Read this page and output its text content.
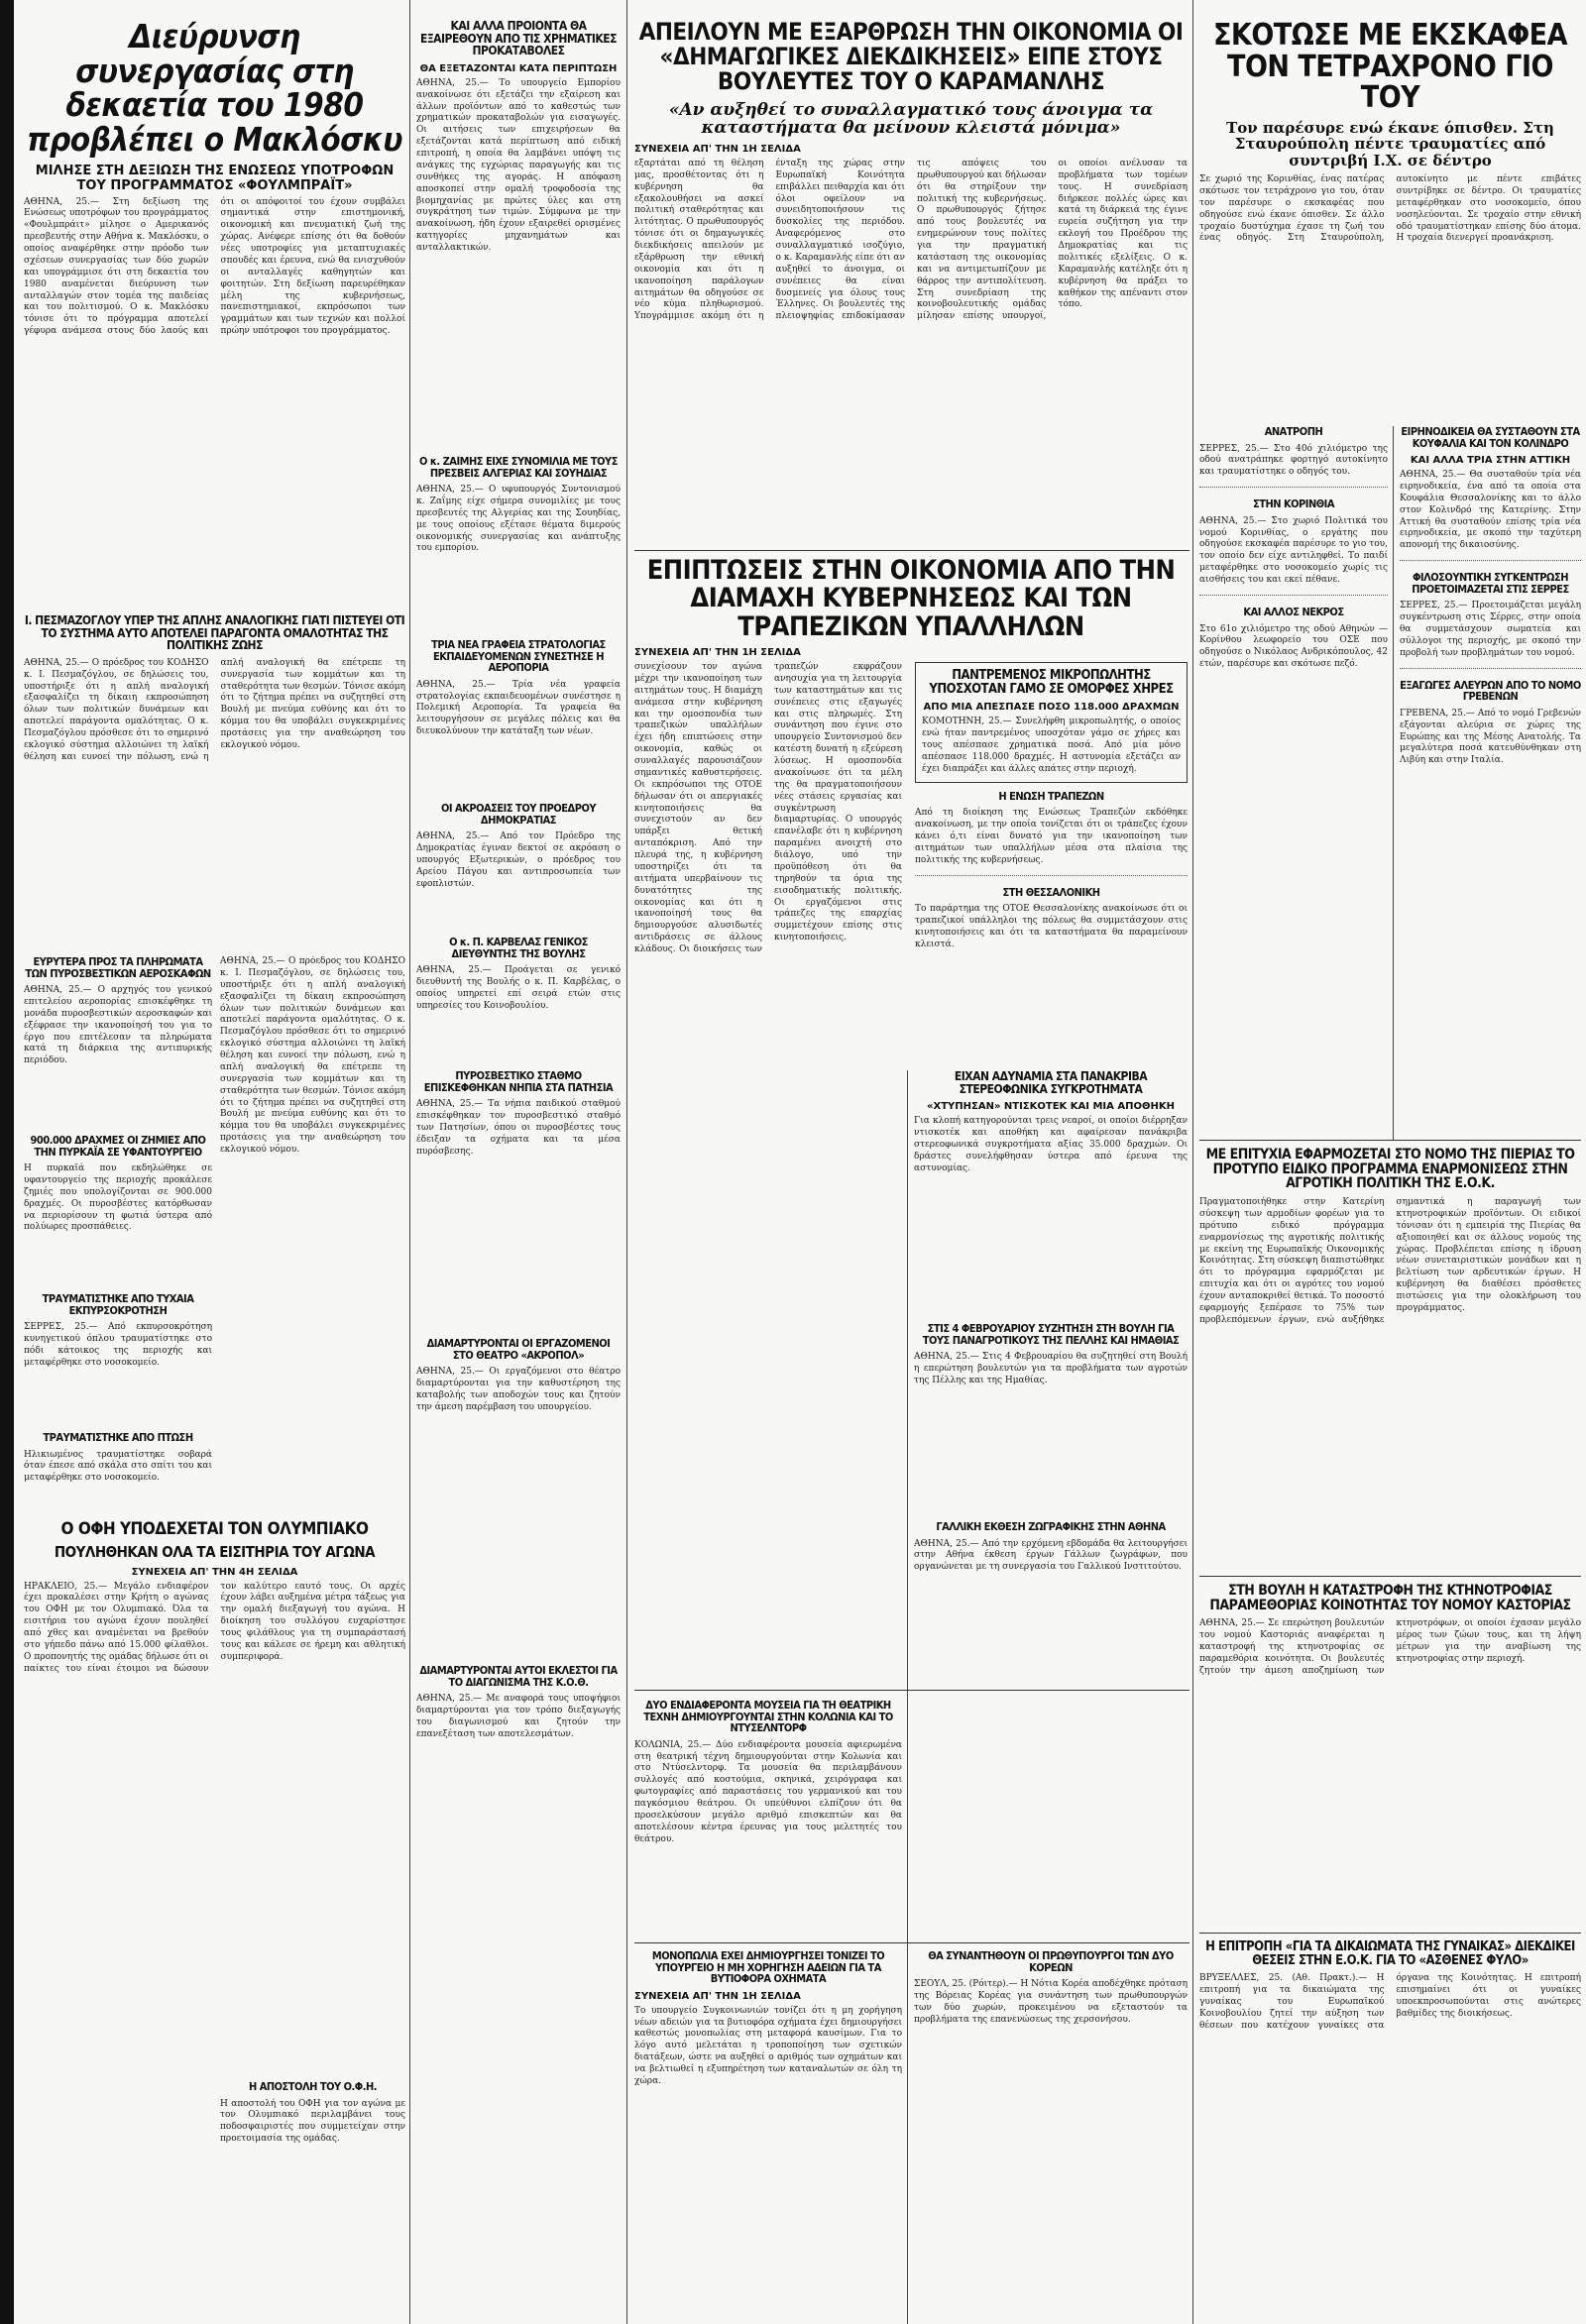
Διεύρυνση συνεργασίας στη δεκαετία του 1980 προβλέπει ο Μακλόσκυ
ΜΙΛΗΣΕ ΣΤΗ ΔΕΞΙΩΣΗ ΤΗΣ ΕΝΩΣΕΩΣ ΥΠΟΤΡΟΦΩΝ ΤΟΥ ΠΡΟΓΡΑΜΜΑΤΟΣ «ΦΟΥΛΜΠΡΑΪΤ»

ΑΘΗΝΑ, 25.— Στη δεξίωση της Ενώσεως υποτρόφων του προγράμματος «Φουλμπράιτ» μίλησε ο Αμερικανός πρεσβευτής στην Αθήνα κ. Μακλόσκυ, ο οποίος αναφέρθηκε στην πρόοδο των σχέσεων συνεργασίας των δύο χωρών και υπογράμμισε ότι στη δεκαετία του 1980 αναμένεται διεύρυνση των ανταλλαγών στον τομέα της παιδείας και του πολιτισμού. Ο κ. Μακλόσκυ τόνισε ότι το πρόγραμμα αποτελεί γέφυρα ανάμεσα στους δύο λαούς και ότι οι απόφοιτοί του έχουν συμβάλει σημαντικά στην επιστημονική, οικονομική και πνευματική ζωή της χώρας. Ανέφερε επίσης ότι θα δοθούν νέες υποτροφίες για μεταπτυχιακές σπουδές και έρευνα, ενώ θα ενισχυθούν οι ανταλλαγές καθηγητών και φοιτητών. Στη δεξίωση παρευρέθηκαν μέλη της κυβερνήσεως, πανεπιστημιακοί, εκπρόσωποι των γραμμάτων και των τεχνών και πολλοί πρώην υπότροφοι του προγράμματος.

Ι. ΠΕΣΜΑΖΟΓΛΟΥ ΥΠΕΡ ΤΗΣ ΑΠΛΗΣ ΑΝΑΛΟΓΙΚΗΣ ΓΙΑΤΙ ΠΙΣΤΕΥΕΙ ΟΤΙ ΤΟ ΣΥΣΤΗΜΑ ΑΥΤΟ ΑΠΟΤΕΛΕΙ ΠΑΡΑΓΟΝΤΑ ΟΜΑΛΟΤΗΤΑΣ ΤΗΣ ΠΟΛΙΤΙΚΗΣ ΖΩΗΣ

ΑΘΗΝΑ, 25.— Ο πρόεδρος του ΚΟΔΗΣΟ κ. Ι. Πεσμαζόγλου, σε δηλώσεις του, υποστήριξε ότι η απλή αναλογική εξασφαλίζει τη δίκαιη εκπροσώπηση όλων των πολιτικών δυνάμεων και αποτελεί παράγοντα ομαλότητας. Ο κ. Πεσμαζόγλου πρόσθεσε ότι το σημερινό εκλογικό σύστημα αλλοιώνει τη λαϊκή θέληση και ευνοεί την πόλωση, ενώ η απλή αναλογική θα επέτρεπε τη συνεργασία των κομμάτων και τη σταθερότητα των θεσμών. Τόνισε ακόμη ότι το ζήτημα πρέπει να συζητηθεί στη Βουλή με πνεύμα ευθύνης και ότι το κόμμα του θα υποβάλει συγκεκριμένες προτάσεις για την αναθεώρηση του εκλογικού νόμου.

ΕΥΡΥΤΕΡΑ ΠΡΟΣ ΤΑ ΠΛΗΡΩΜΑΤΑ ΤΩΝ ΠΥΡΟΣΒΕΣΤΙΚΩΝ ΑΕΡΟΣΚΑΦΩΝ

ΑΘΗΝΑ, 25.— Ο αρχηγός του γενικού επιτελείου αεροπορίας επισκέφθηκε τη μονάδα πυροσβεστικών αεροσκαφών και εξέφρασε την ικανοποίησή του για το έργο που επιτέλεσαν τα πληρώματα κατά τη διάρκεια της αντιπυρικής περιόδου.

900.000 ΔΡΑΧΜΕΣ ΟΙ ΖΗΜΙΕΣ ΑΠΟ ΤΗΝ ΠΥΡΚΑΪΑ ΣΕ ΥΦΑΝΤΟΥΡΓΕΙΟ

Η πυρκαϊά που εκδηλώθηκε σε υφαντουργείο της περιοχής προκάλεσε ζημιές που υπολογίζονται σε 900.000 δραχμές. Οι πυροσβέστες κατόρθωσαν να περιορίσουν τη φωτιά ύστερα από πολύωρες προσπάθειες.

ΤΡΑΥΜΑΤΙΣΤΗΚΕ ΑΠΟ ΤΥΧΑΙΑ ΕΚΠΥΡΣΟΚΡΟΤΗΣΗ

ΣΕΡΡΕΣ, 25.— Από εκπυρσοκρότηση κυνηγετικού όπλου τραυματίστηκε στο πόδι κάτοικος της περιοχής και μεταφέρθηκε στο νοσοκομείο.

ΤΡΑΥΜΑΤΙΣΤΗΚΕ ΑΠΟ ΠΤΩΣΗ

Ηλικιωμένος τραυματίστηκε σοβαρά όταν έπεσε από σκάλα στο σπίτι του και μεταφέρθηκε στο νοσοκομείο.

ΑΘΗΝΑ, 25.— Ο πρόεδρος του ΚΟΔΗΣΟ κ. Ι. Πεσμαζόγλου, σε δηλώσεις του, υποστήριξε ότι η απλή αναλογική εξασφαλίζει τη δίκαιη εκπροσώπηση όλων των πολιτικών δυνάμεων και αποτελεί παράγοντα ομαλότητας. Ο κ. Πεσμαζόγλου πρόσθεσε ότι το σημερινό εκλογικό σύστημα αλλοιώνει τη λαϊκή θέληση και ευνοεί την πόλωση, ενώ η απλή αναλογική θα επέτρεπε τη συνεργασία των κομμάτων και τη σταθερότητα των θεσμών. Τόνισε ακόμη ότι το ζήτημα πρέπει να συζητηθεί στη Βουλή με πνεύμα ευθύνης και ότι το κόμμα του θα υποβάλει συγκεκριμένες προτάσεις για την αναθεώρηση του εκλογικού νόμου.

Ο ΟΦΗ ΥΠΟΔΕΧΕΤΑΙ ΤΟΝ ΟΛΥΜΠΙΑΚΟ
ΠΟΥΛΗΘΗΚΑΝ ΟΛΑ ΤΑ ΕΙΣΙΤΗΡΙΑ ΤΟΥ ΑΓΩΝΑ
ΣΥΝΕΧΕΙΑ ΑΠ' ΤΗΝ 4Η ΣΕΛΙΔΑ

ΗΡΑΚΛΕΙΟ, 25.— Μεγάλο ενδιαφέρον έχει προκαλέσει στην Κρήτη ο αγώνας του ΟΦΗ με τον Ολυμπιακό. Όλα τα εισιτήρια του αγώνα έχουν πουληθεί από χθες και αναμένεται να βρεθούν στο γήπεδο πάνω από 15.000 φίλαθλοι. Ο προπονητής της ομάδας δήλωσε ότι οι παίκτες του είναι έτοιμοι να δώσουν τον καλύτερο εαυτό τους. Οι αρχές έχουν λάβει αυξημένα μέτρα τάξεως για την ομαλή διεξαγωγή του αγώνα. Η διοίκηση του συλλόγου ευχαρίστησε τους φιλάθλους για τη συμπαράστασή τους και κάλεσε σε ήρεμη και αθλητική συμπεριφορά.

Η ΑΠΟΣΤΟΛΗ ΤΟΥ Ο.Φ.Η.

Η αποστολή του ΟΦΗ για τον αγώνα με τον Ολυμπιακό περιλαμβάνει τους ποδοσφαιριστές που συμμετείχαν στην προετοιμασία της ομάδας.

ΚΑΙ ΑΛΛΑ ΠΡΟΪΟΝΤΑ ΘΑ ΕΞΑΙΡΕΘΟΥΝ ΑΠΟ ΤΙΣ ΧΡΗΜΑΤΙΚΕΣ ΠΡΟΚΑΤΑΒΟΛΕΣ
ΘΑ ΕΞΕΤΑΖΟΝΤΑΙ ΚΑΤΑ ΠΕΡΙΠΤΩΣΗ

ΑΘΗΝΑ, 25.— Το υπουργείο Εμπορίου ανακοίνωσε ότι εξετάζει την εξαίρεση και άλλων προϊόντων από το καθεστώς των χρηματικών προκαταβολών για εισαγωγές. Οι αιτήσεις των επιχειρήσεων θα εξετάζονται κατά περίπτωση από ειδική επιτροπή, η οποία θα λαμβάνει υπόψη τις ανάγκες της εγχώριας παραγωγής και τις συνθήκες της αγοράς. Η απόφαση αποσκοπεί στην ομαλή τροφοδοσία της βιομηχανίας με πρώτες ύλες και στη συγκράτηση των τιμών. Σύμφωνα με την ανακοίνωση, ήδη έχουν εξαιρεθεί ορισμένες κατηγορίες μηχανημάτων και ανταλλακτικών.

Ο κ. ΖΑΪΜΗΣ ΕΙΧΕ ΣΥΝΟΜΙΛΙΑ ΜΕ ΤΟΥΣ ΠΡΕΣΒΕΙΣ ΑΛΓΕΡΙΑΣ ΚΑΙ ΣΟΥΗΔΙΑΣ

ΑΘΗΝΑ, 25.— Ο υφυπουργός Συντονισμού κ. Ζαΐμης είχε σήμερα συνομιλίες με τους πρεσβευτές της Αλγερίας και της Σουηδίας, με τους οποίους εξέτασε θέματα διμερούς οικονομικής συνεργασίας και ανάπτυξης του εμπορίου.

ΤΡΙΑ ΝΕΑ ΓΡΑΦΕΙΑ ΣΤΡΑΤΟΛΟΓΙΑΣ ΕΚΠΑΙΔΕΥΟΜΕΝΩΝ ΣΥΝΕΣΤΗΣΕ Η ΑΕΡΟΠΟΡΙΑ

ΑΘΗΝΑ, 25.— Τρία νέα γραφεία στρατολογίας εκπαιδευομένων συνέστησε η Πολεμική Αεροπορία. Τα γραφεία θα λειτουργήσουν σε μεγάλες πόλεις και θα διευκολύνουν την κατάταξη των νέων.

ΟΙ ΑΚΡΟΑΣΕΙΣ ΤΟΥ ΠΡΟΕΔΡΟΥ ΔΗΜΟΚΡΑΤΙΑΣ

ΑΘΗΝΑ, 25.— Από τον Πρόεδρο της Δημοκρατίας έγιναν δεκτοί σε ακρόαση ο υπουργός Εξωτερικών, ο πρόεδρος του Αρείου Πάγου και αντιπροσωπεία των εφοπλιστών.

Ο κ. Π. ΚΑΡΒΕΛΑΣ ΓΕΝΙΚΟΣ ΔΙΕΥΘΥΝΤΗΣ ΤΗΣ ΒΟΥΛΗΣ

ΑΘΗΝΑ, 25.— Προάγεται σε γενικό διευθυντή της Βουλής ο κ. Π. Καρβέλας, ο οποίος υπηρετεί επί σειρά ετών στις υπηρεσίες του Κοινοβουλίου.

ΠΥΡΟΣΒΕΣΤΙΚΟ ΣΤΑΘΜΟ ΕΠΙΣΚΕΦΘΗΚΑΝ ΝΗΠΙΑ ΣΤΑ ΠΑΤΗΣΙΑ

ΑΘΗΝΑ, 25.— Τα νήπια παιδικού σταθμού επισκέφθηκαν τον πυροσβεστικό σταθμό των Πατησίων, όπου οι πυροσβέστες τους έδειξαν τα οχήματα και τα μέσα πυρόσβεσης.

ΔΙΑΜΑΡΤΥΡΟΝΤΑΙ ΟΙ ΕΡΓΑΖΟΜΕΝΟΙ ΣΤΟ ΘΕΑΤΡΟ «ΑΚΡΟΠΟΛ»

ΑΘΗΝΑ, 25.— Οι εργαζόμενοι στο θέατρο διαμαρτύρονται για την καθυστέρηση της καταβολής των αποδοχών τους και ζητούν την άμεση παρέμβαση του υπουργείου.

ΔΙΑΜΑΡΤΥΡΟΝΤΑΙ ΑΥΤΟΙ ΕΚΛΕΣΤΟΙ ΓΙΑ ΤΟ ΔΙΑΓΩΝΙΣΜΑ ΤΗΣ Κ.Ο.Θ.

ΑΘΗΝΑ, 25.— Με αναφορά τους υποψήφιοι διαμαρτύρονται για τον τρόπο διεξαγωγής του διαγωνισμού και ζητούν την επανεξέταση των αποτελεσμάτων.

ΑΠΕΙΛΟΥΝ ΜΕ ΕΞΑΡΘΡΩΣΗ ΤΗΝ ΟΙΚΟΝΟΜΙΑ ΟΙ «ΔΗΜΑΓΩΓΙΚΕΣ ΔΙΕΚΔΙΚΗΣΕΙΣ» ΕΙΠΕ ΣΤΟΥΣ ΒΟΥΛΕΥΤΕΣ ΤΟΥ Ο ΚΑΡΑΜΑΝΛΗΣ
«Αν αυξηθεί το συναλλαγματικό τους άνοιγμα τα καταστήματα θα μείνουν κλειστά μόνιμα»
ΣΥΝΕΧΕΙΑ ΑΠ' ΤΗΝ 1Η ΣΕΛΙΔΑ

εξαρτάται από τη θέληση μας, προσθέτοντας ότι η κυβέρνηση θα εξακολουθήσει να ασκεί πολιτική σταθερότητας και λιτότητας. Ο πρωθυπουργός τόνισε ότι οι δημαγωγικές διεκδικήσεις απειλούν με εξάρθρωση την εθνική οικονομία και ότι η ικανοποίηση παράλογων αιτημάτων θα οδηγούσε σε νέο κύμα πληθωρισμού. Υπογράμμισε ακόμη ότι η ένταξη της χώρας στην Ευρωπαϊκή Κοινότητα επιβάλλει πειθαρχία και ότι όλοι οφείλουν να συνειδητοποιήσουν τις δυσκολίες της περιόδου. Αναφερόμενος στο συναλλαγματικό ισοζύγιο, ο κ. Καραμανλής είπε ότι αν αυξηθεί το άνοιγμα, οι συνέπειες θα είναι δυσμενείς για όλους τους Έλληνες. Οι βουλευτές της πλειοψηφίας επιδοκίμασαν τις απόψεις του πρωθυπουργού και δήλωσαν ότι θα στηρίξουν την πολιτική της κυβερνήσεως. Ο πρωθυπουργός ζήτησε από τους βουλευτές να ενημερώνουν τους πολίτες για την πραγματική κατάσταση της οικονομίας και να αντιμετωπίζουν με θάρρος την αντιπολίτευση. Στη συνεδρίαση της κοινοβουλευτικής ομάδας μίλησαν επίσης υπουργοί, οι οποίοι ανέλυσαν τα προβλήματα των τομέων τους. Η συνεδρίαση διήρκεσε πολλές ώρες και κατά τη διάρκειά της έγινε ευρεία συζήτηση για την εκλογή του Προέδρου της Δημοκρατίας και τις πολιτικές εξελίξεις. Ο κ. Καραμανλής κατέληξε ότι η κυβέρνηση θα πράξει το καθήκον της απέναντι στον τόπο.

ΕΠΙΠΤΩΣΕΙΣ ΣΤΗΝ ΟΙΚΟΝΟΜΙΑ ΑΠΟ ΤΗΝ ΔΙΑΜΑΧΗ ΚΥΒΕΡΝΗΣΕΩΣ ΚΑΙ ΤΩΝ ΤΡΑΠΕΖΙΚΩΝ ΥΠΑΛΛΗΛΩΝ
ΣΥΝΕΧΕΙΑ ΑΠ' ΤΗΝ 1Η ΣΕΛΙΔΑ

συνεχίσουν τον αγώνα μέχρι την ικανοποίηση των αιτημάτων τους. Η διαμάχη ανάμεσα στην κυβέρνηση και την ομοσπονδία των τραπεζικών υπαλλήλων έχει ήδη επιπτώσεις στην οικονομία, καθώς οι συναλλαγές παρουσιάζουν σημαντικές καθυστερήσεις. Οι εκπρόσωποι της ΟΤΟΕ δήλωσαν ότι οι απεργιακές κινητοποιήσεις θα συνεχιστούν αν δεν υπάρξει θετική ανταπόκριση. Από την πλευρά της, η κυβέρνηση υποστηρίζει ότι τα αιτήματα υπερβαίνουν τις δυνατότητες της οικονομίας και ότι η ικανοποίησή τους θα δημιουργούσε αλυσιδωτές αντιδράσεις σε άλλους κλάδους. Οι διοικήσεις των τραπεζών εκφράζουν ανησυχία για τη λειτουργία των καταστημάτων και τις συνέπειες στις εξαγωγές και στις πληρωμές. Στη συνάντηση που έγινε στο υπουργείο Συντονισμού δεν κατέστη δυνατή η εξεύρεση λύσεως. Η ομοσπονδία ανακοίνωσε ότι τα μέλη της θα πραγματοποιήσουν νέες στάσεις εργασίας και συγκέντρωση διαμαρτυρίας. Ο υπουργός επανέλαβε ότι η κυβέρνηση παραμένει ανοιχτή στο διάλογο, υπό την προϋπόθεση ότι θα τηρηθούν τα όρια της εισοδηματικής πολιτικής. Οι εργαζόμενοι στις τράπεζες της επαρχίας συμμετέχουν επίσης στις κινητοποιήσεις.

ΠΑΝΤΡΕΜΕΝΟΣ ΜΙΚΡΟΠΩΛΗΤΗΣ ΥΠΟΣΧΟΤΑΝ ΓΑΜΟ ΣΕ ΟΜΟΡΦΕΣ ΧΗΡΕΣ
ΑΠΟ ΜΙΑ ΑΠΕΣΠΑΣΕ ΠΟΣΟ 118.000 ΔΡΑΧΜΩΝ

ΚΟΜΟΤΗΝΗ, 25.— Συνελήφθη μικροπωλητής, ο οποίος ενώ ήταν παντρεμένος υποσχόταν γάμο σε χήρες και τους απέσπασε χρηματικά ποσά. Από μία μόνο απέσπασε 118.000 δραχμές. Η αστυνομία εξετάζει αν έχει διαπράξει και άλλες απάτες στην περιοχή.

Η ΕΝΩΣΗ ΤΡΑΠΕΖΩΝ

Από τη διοίκηση της Ενώσεως Τραπεζών εκδόθηκε ανακοίνωση, με την οποία τονίζεται ότι οι τράπεζες έχουν κάνει ό,τι είναι δυνατό για την ικανοποίηση των αιτημάτων των υπαλλήλων μέσα στα πλαίσια της πολιτικής της κυβερνήσεως.

ΣΤΗ ΘΕΣΣΑΛΟΝΙΚΗ

Το παράρτημα της ΟΤΟΕ Θεσσαλονίκης ανακοίνωσε ότι οι τραπεζικοί υπάλληλοι της πόλεως θα συμμετάσχουν στις κινητοποιήσεις και ότι τα καταστήματα θα παραμείνουν κλειστά.

ΔΥΟ ΕΝΔΙΑΦΕΡΟΝΤΑ ΜΟΥΣΕΙΑ ΓΙΑ ΤΗ ΘΕΑΤΡΙΚΗ ΤΕΧΝΗ ΔΗΜΙΟΥΡΓΟΥΝΤΑΙ ΣΤΗΝ ΚΟΛΩΝΙΑ ΚΑΙ ΤΟ ΝΤΥΣΕΛΝΤΟΡΦ

ΚΟΛΩΝΙΑ, 25.— Δύο ενδιαφέροντα μουσεία αφιερωμένα στη θεατρική τέχνη δημιουργούνται στην Κολωνία και στο Ντύσελντορφ. Τα μουσεία θα περιλαμβάνουν συλλογές από κοστούμια, σκηνικά, χειρόγραφα και φωτογραφίες από παραστάσεις του γερμανικού και του παγκόσμιου θεάτρου. Οι υπεύθυνοι ελπίζουν ότι θα προσελκύσουν μεγάλο αριθμό επισκεπτών και θα αποτελέσουν κέντρα έρευνας για τους μελετητές του θεάτρου.

ΜΟΝΟΠΩΛΙΑ ΕΧΕΙ ΔΗΜΙΟΥΡΓΗΣΕΙ ΤΟΝΙΖΕΙ ΤΟ ΥΠΟΥΡΓΕΙΟ Η ΜΗ ΧΟΡΗΓΗΣΗ ΑΔΕΙΩΝ ΓΙΑ ΤΑ ΒΥΤΙΟΦΟΡΑ ΟΧΗΜΑΤΑ
ΣΥΝΕΧΕΙΑ ΑΠ' ΤΗΝ 1Η ΣΕΛΙΔΑ

Το υπουργείο Συγκοινωνιών τονίζει ότι η μη χορήγηση νέων αδειών για τα βυτιοφόρα οχήματα έχει δημιουργήσει καθεστώς μονοπωλίας στη μεταφορά καυσίμων. Για το λόγο αυτό μελετάται η τροποποίηση των σχετικών διατάξεων, ώστε να αυξηθεί ο αριθμός των οχημάτων και να βελτιωθεί η εξυπηρέτηση των καταναλωτών σε όλη τη χώρα.

ΕΙΧΑΝ ΑΔΥΝΑΜΙΑ ΣΤΑ ΠΑΝΑΚΡΙΒΑ ΣΤΕΡΕΟΦΩΝΙΚΑ ΣΥΓΚΡΟΤΗΜΑΤΑ
«ΧΤΥΠΗΣΑΝ» ΝΤΙΣΚΟΤΕΚ ΚΑΙ ΜΙΑ ΑΠΟΘΗΚΗ

Για κλοπή κατηγορούνται τρεις νεαροί, οι οποίοι διέρρηξαν ντισκοτέκ και αποθήκη και αφαίρεσαν πανάκριβα στερεοφωνικά συγκροτήματα αξίας 35.000 δραχμών. Οι δράστες συνελήφθησαν ύστερα από έρευνα της αστυνομίας.

ΣΤΙΣ 4 ΦΕΒΡΟΥΑΡΙΟΥ ΣΥΖΗΤΗΣΗ ΣΤΗ ΒΟΥΛΗ ΓΙΑ ΤΟΥΣ ΠΑΝΑΓΡΟΤΙΚΟΥΣ ΤΗΣ ΠΕΛΛΗΣ ΚΑΙ ΗΜΑΘΙΑΣ

ΑΘΗΝΑ, 25.— Στις 4 Φεβρουαρίου θα συζητηθεί στη Βουλή η επερώτηση βουλευτών για τα προβλήματα των αγροτών της Πέλλης και της Ημαθίας.

ΓΑΛΛΙΚΗ ΕΚΘΕΣΗ ΖΩΓΡΑΦΙΚΗΣ ΣΤΗΝ ΑΘΗΝΑ

ΑΘΗΝΑ, 25.— Από την ερχόμενη εβδομάδα θα λειτουργήσει στην Αθήνα έκθεση έργων Γάλλων ζωγράφων, που οργανώνεται με τη συνεργασία του Γαλλικού Ινστιτούτου.

ΘΑ ΣΥΝΑΝΤΗΘΟΥΝ ΟΙ ΠΡΩΘΥΠΟΥΡΓΟΙ ΤΩΝ ΔΥΟ ΚΟΡΕΩΝ

ΣΕΟΥΛ, 25. (Ρόιτερ).— Η Νότια Κορέα αποδέχθηκε πρόταση της Βόρειας Κορέας για συνάντηση των πρωθυπουργών των δύο χωρών, προκειμένου να εξεταστούν τα προβλήματα της επανενώσεως της χερσονήσου.

ΣΚΟΤΩΣΕ ΜΕ ΕΚΣΚΑΦΕΑ ΤΟΝ ΤΕΤΡΑΧΡΟΝΟ ΓΙΟ ΤΟΥ
Τον παρέσυρε ενώ έκανε όπισθεν. Στη Σταυρούπολη πέντε τραυματίες από συντριβή Ι.Χ. σε δέντρο

Σε χωριό της Κορινθίας, ένας πατέρας σκότωσε τον τετράχρονο γιο του, όταν τον παρέσυρε ο εκσκαφέας που οδηγούσε ενώ έκανε όπισθεν. Σε άλλο τροχαίο δυστύχημα έχασε τη ζωή του ένας οδηγός. Στη Σταυρούπολη, αυτοκίνητο με πέντε επιβάτες συντρίβηκε σε δέντρο. Οι τραυματίες μεταφέρθηκαν στο νοσοκομείο, όπου νοσηλεύονται. Σε τροχαίο στην εθνική οδό τραυματίστηκαν επίσης δύο άτομα. Η τροχαία διενεργεί προανάκριση.

ΑΝΑΤΡΟΠΗ

ΣΕΡΡΕΣ, 25.— Στο 40ό χιλιόμετρο της οδού ανατράπηκε φορτηγό αυτοκίνητο και τραυματίστηκε ο οδηγός του.

ΣΤΗΝ ΚΟΡΙΝΘΙΑ

ΑΘΗΝΑ, 25.— Στο χωριό Πολιτικά του νομού Κορινθίας, ο εργάτης που οδηγούσε εκσκαφέα παρέσυρε το γιο του, τον οποίο δεν είχε αντιληφθεί. Το παιδί μεταφέρθηκε στο νοσοκομείο χωρίς τις αισθήσεις του και εκεί πέθανε.

ΚΑΙ ΑΛΛΟΣ ΝΕΚΡΟΣ

Στο 61ο χιλιόμετρο της οδού Αθηνών — Κορίνθου λεωφορείο του ΟΣΕ που οδηγούσε ο Νικόλαος Ανδρικόπουλος, 42 ετών, παρέσυρε και σκότωσε πεζό.

ΕΙΡΗΝΟΔΙΚΕΙΑ ΘΑ ΣΥΣΤΑΘΟΥΝ ΣΤΑ ΚΟΥΦΑΛΙΑ ΚΑΙ ΤΟΝ ΚΟΛΙΝΔΡΟ
ΚΑΙ ΑΛΛΑ ΤΡΙΑ ΣΤΗΝ ΑΤΤΙΚΗ

ΑΘΗΝΑ, 25.— Θα συσταθούν τρία νέα ειρηνοδικεία, ένα από τα οποία στα Κουφάλια Θεσσαλονίκης και το άλλο στον Κολινδρό της Κατερίνης. Στην Αττική θα συσταθούν επίσης τρία νέα ειρηνοδικεία, με σκοπό την ταχύτερη απονομή της δικαιοσύνης.

ΦΙΛΟΣΟΥΝΤΙΚΗ ΣΥΓΚΕΝΤΡΩΣΗ ΠΡΟΕΤΟΙΜΑΖΕΤΑΙ ΣΤΙΣ ΣΕΡΡΕΣ

ΣΕΡΡΕΣ, 25.— Προετοιμάζεται μεγάλη συγκέντρωση στις Σέρρες, στην οποία θα συμμετάσχουν σωματεία και σύλλογοι της περιοχής, με σκοπό την προβολή των προβλημάτων του νομού.

ΕΞΑΓΩΓΕΣ ΑΛΕΥΡΩΝ ΑΠΟ ΤΟ ΝΟΜΟ ΓΡΕΒΕΝΩΝ

ΓΡΕΒΕΝΑ, 25.— Από το νομό Γρεβενών εξάγονται αλεύρια σε χώρες της Ευρώπης και της Μέσης Ανατολής. Τα μεγαλύτερα ποσά κατευθύνθηκαν στη Λιβύη και στην Ιταλία.

ΜΕ ΕΠΙΤΥΧΙΑ ΕΦΑΡΜΟΖΕΤΑΙ ΣΤΟ ΝΟΜΟ ΤΗΣ ΠΙΕΡΙΑΣ ΤΟ ΠΡΟΤΥΠΟ ΕΙΔΙΚΟ ΠΡΟΓΡΑΜΜΑ ΕΝΑΡΜΟΝΙΣΕΩΣ ΣΤΗΝ ΑΓΡΟΤΙΚΗ ΠΟΛΙΤΙΚΗ ΤΗΣ Ε.Ο.Κ.

Πραγματοποιήθηκε στην Κατερίνη σύσκεψη των αρμοδίων φορέων για το πρότυπο ειδικό πρόγραμμα εναρμονίσεως της αγροτικής πολιτικής με εκείνη της Ευρωπαϊκής Οικονομικής Κοινότητας. Στη σύσκεψη διαπιστώθηκε ότι το πρόγραμμα εφαρμόζεται με επιτυχία και ότι οι αγρότες του νομού έχουν ανταποκριθεί θετικά. Το ποσοστό εφαρμογής ξεπέρασε το 75% των προβλεπόμενων έργων, ενώ αυξήθηκε σημαντικά η παραγωγή των κτηνοτροφικών προϊόντων. Οι ειδικοί τόνισαν ότι η εμπειρία της Πιερίας θα αξιοποιηθεί και σε άλλους νομούς της χώρας. Προβλέπεται επίσης η ίδρυση νέων συνεταιριστικών μονάδων και η βελτίωση των αρδευτικών έργων. Η κυβέρνηση θα διαθέσει πρόσθετες πιστώσεις για την ολοκλήρωση του προγράμματος.

ΣΤΗ ΒΟΥΛΗ Η ΚΑΤΑΣΤΡΟΦΗ ΤΗΣ ΚΤΗΝΟΤΡΟΦΙΑΣ ΠΑΡΑΜΕΘΟΡΙΑΣ ΚΟΙΝΟΤΗΤΑΣ ΤΟΥ ΝΟΜΟΥ ΚΑΣΤΟΡΙΑΣ

ΑΘΗΝΑ, 25.— Σε επερώτηση βουλευτών του νομού Καστοριάς αναφέρεται η καταστροφή της κτηνοτροφίας σε παραμεθόρια κοινότητα. Οι βουλευτές ζητούν την άμεση αποζημίωση των κτηνοτρόφων, οι οποίοι έχασαν μεγάλο μέρος των ζώων τους, και τη λήψη μέτρων για την αναβίωση της κτηνοτροφίας στην περιοχή.

Η ΕΠΙΤΡΟΠΗ «ΓΙΑ ΤΑ ΔΙΚΑΙΩΜΑΤΑ ΤΗΣ ΓΥΝΑΙΚΑΣ» ΔΙΕΚΔΙΚΕΙ ΘΕΣΕΙΣ ΣΤΗΝ Ε.Ο.Κ. ΓΙΑ ΤΟ «ΑΣΘΕΝΕΣ ΦΥΛΟ»

ΒΡΥΞΕΛΛΕΣ, 25. (Αθ. Πρακτ.).— Η επιτροπή για τα δικαιώματα της γυναίκας του Ευρωπαϊκού Κοινοβουλίου ζητεί την αύξηση των θέσεων που κατέχουν γυναίκες στα όργανα της Κοινότητας. Η επιτροπή επισημαίνει ότι οι γυναίκες υποεκπροσωπούνται στις ανώτερες βαθμίδες της διοικήσεως.
